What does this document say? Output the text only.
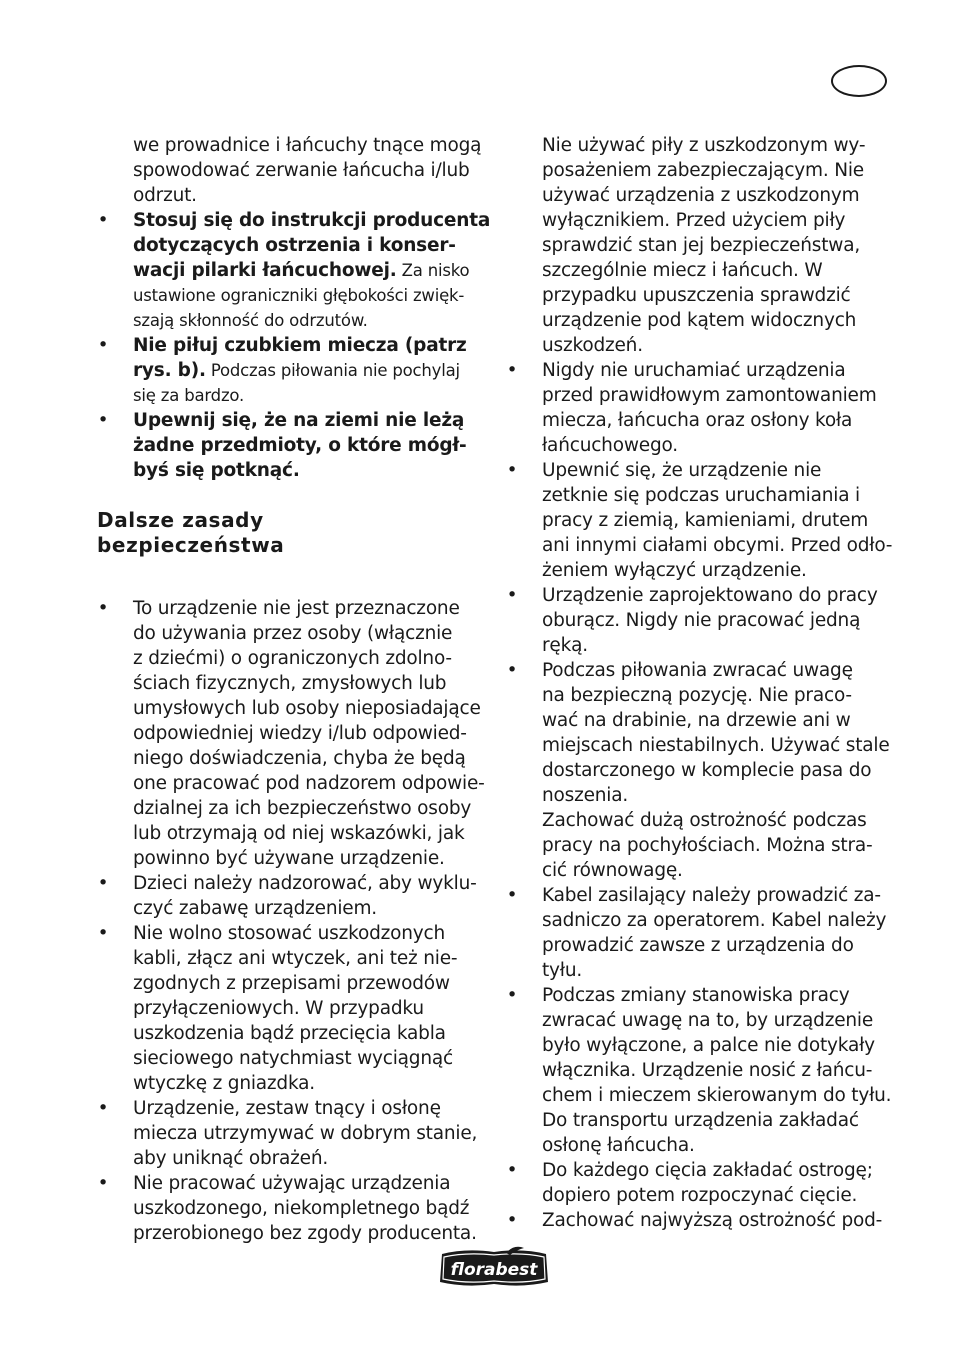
we prowadnice i łańcuchy tnące mogą
spowodować zerwanie łańcucha i/lub
odrzut.
• Stosuj się do instrukcji producenta
dotyczących ostrzenia i konser-
wacji pilarki łańcuchowej. Za nisko
ustawione ograniczniki głębokości zwięk-
szają skłonność do odrzutów.
• Nie piłuj czubkiem miecza (patrz
rys. b). Podczas piłowania nie pochylaj
się za bardzo.
• Upewnij się, że na ziemi nie leżą
żadne przedmioty, o które mógł-
byś się potknąć.
Dalsze zasady
bezpieczeństwa
• To urządzenie nie jest przeznaczone
do używania przez osoby (włącznie
z dziećmi) o ograniczonych zdolno-
ściach fizycznych, zmysłowych lub
umysłowych lub osoby nieposiadające
odpowiedniej wiedzy i/lub odpowied-
niego doświadczenia, chyba że będą
one pracować pod nadzorem odpowie-
dzialnej za ich bezpieczeństwo osoby
lub otrzymają od niej wskazówki, jak
powinno być używane urządzenie.
• Dzieci należy nadzorować, aby wyklu-
czyć zabawę urządzeniem.
• Nie wolno stosować uszkodzonych
kabli, złącz ani wtyczek, ani też nie-
zgodnych z przepisami przewodów
przyłączeniowych. W przypadku
uszkodzenia bądź przecięcia kabla
sieciowego natychmiast wyciągnąć
wtyczkę z gniazdka.
• Urządzenie, zestaw tnący i osłonę
miecza utrzymywać w dobrym stanie,
aby uniknąć obrażeń.
• Nie pracować używając urządzenia
uszkodzonego, niekompletnego bądź
przerobionego bez zgody producenta.
Nie używać piły z uszkodzonym wy-
posażeniem zabezpieczającym. Nie
używać urządzenia z uszkodzonym
wyłącznikiem. Przed użyciem piły
sprawdzić stan jej bezpieczeństwa,
szczególnie miecz i łańcuch. W
przypadku upuszczenia sprawdzić
urządzenie pod kątem widocznych
uszkodzeń.
• Nigdy nie uruchamiać urządzenia
przed prawidłowym zamontowaniem
miecza, łańcucha oraz osłony koła
łańcuchowego.
• Upewnić się, że urządzenie nie
zetknie się podczas uruchamiania i
pracy z ziemią, kamieniami, drutem
ani innymi ciałami obcymi. Przed odło-
żeniem wyłączyć urządzenie.
• Urządzenie zaprojektowano do pracy
oburącz. Nigdy nie pracować jedną
ręką.
• Podczas piłowania zwracać uwagę
na bezpieczną pozycję. Nie praco-
wać na drabinie, na drzewie ani w
miejscach niestabilnych. Używać stale
dostarczonego w komplecie pasa do
noszenia.
Zachować dużą ostrożność podczas
pracy na pochyłościach. Można stra-
cić równowagę.
• Kabel zasilający należy prowadzić za-
sadniczo za operatorem. Kabel należy
prowadzić zawsze z urządzenia do
tyłu.
• Podczas zmiany stanowiska pracy
zwracać uwagę na to, by urządzenie
było wyłączone, a palce nie dotykały
włącznika. Urządzenie nosić z łańcu-
chem i mieczem skierowanym do tyłu.
Do transportu urządzenia zakładać
osłonę łańcucha.
• Do każdego cięcia zakładać ostrogę;
dopiero potem rozpoczynać cięcie.
• Zachować najwyższą ostrożność pod-
florabest
